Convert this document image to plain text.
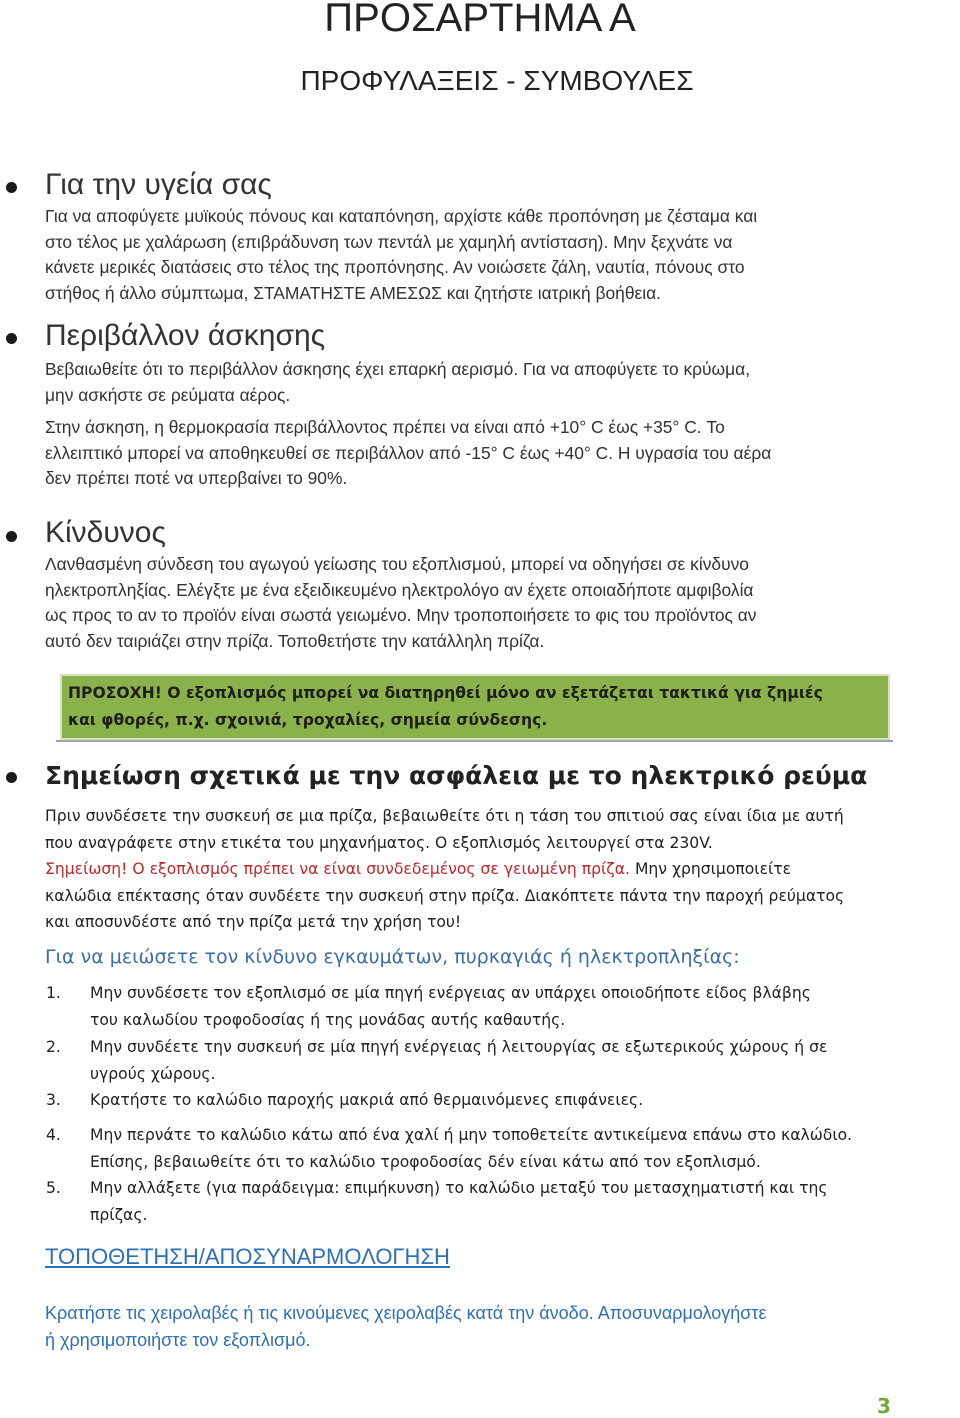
ΠΡΟΣΑΡΤΗΜΑ Α
ΠΡΟΦΥΛΑΞΕΙΣ - ΣΥΜΒΟΥΛΕΣ
Για την υγεία σας
Για να αποφύγετε μυϊκούς πόνους και καταπόνηση, αρχίστε κάθε προπόνηση με ζέσταμα και
στο τέλος με χαλάρωση (επιβράδυνση των πεντάλ με χαμηλή αντίσταση). Μην ξεχνάτε να
κάνετε μερικές διατάσεις στο τέλος της προπόνησης. Αν νοιώσετε ζάλη, ναυτία, πόνους στο
στήθος ή άλλο σύμπτωμα, ΣΤΑΜΑΤΗΣΤΕ ΑΜΕΣΩΣ και ζητήστε ιατρική βοήθεια.
Περιβάλλον άσκησης
Βεβαιωθείτε ότι το περιβάλλον άσκησης έχει επαρκή αερισμό. Για να αποφύγετε το κρύωμα,
μην ασκήστε σε ρεύματα αέρος.
Στην άσκηση, η θερμοκρασία περιβάλλοντος πρέπει να είναι από +10° C έως +35° C. Το
ελλειπτικό μπορεί να αποθηκευθεί σε περιβάλλον από -15° C έως +40° C. Η υγρασία του αέρα
δεν πρέπει ποτέ να υπερβαίνει το 90%.
Κίνδυνος
Λανθασμένη σύνδεση του αγωγού γείωσης του εξοπλισμού, μπορεί να οδηγήσει σε κίνδυνο
ηλεκτροπληξίας. Ελέγξτε με ένα εξειδικευμένο ηλεκτρολόγο αν έχετε οποιαδήποτε αμφιβολία
ως προς το αν το προϊόν είναι σωστά γειωμένο. Μην τροποποιήσετε το φις του προϊόντος αν
αυτό δεν ταιριάζει στην πρίζα. Τοποθετήστε την κατάλληλη πρίζα.
ΠΡΟΣΟΧΗ! Ο εξοπλισμός μπορεί να διατηρηθεί μόνο αν εξετάζεται τακτικά για ζημιές
και φθορές, π.χ. σχοινιά, τροχαλίες, σημεία σύνδεσης.
Σημείωση σχετικά με την ασφάλεια με το ηλεκτρικό ρεύμα
Πριν συνδέσετε την συσκευή σε μια πρίζα, βεβαιωθείτε ότι η τάση του σπιτιού σας είναι ίδια με αυτή
που αναγράφετε στην ετικέτα του μηχανήματος. Ο εξοπλισμός λειτουργεί στα 230V.
Σημείωση! Ο εξοπλισμός πρέπει να είναι συνδεδεμένος σε γειωμένη πρίζα. Μην χρησιμοποιείτε
καλώδια επέκτασης όταν συνδέετε την συσκευή στην πρίζα. Διακόπτετε πάντα την παροχή ρεύματος
και αποσυνδέστε από την πρίζα μετά την χρήση του!
Για να μειώσετε τον κίνδυνο εγκαυμάτων, πυρκαγιάς ή ηλεκτροπληξίας:
1. Μην συνδέσετε τον εξοπλισμό σε μία πηγή ενέργειας αν υπάρχει οποιοδήποτε είδος βλάβης
του καλωδίου τροφοδοσίας ή της μονάδας αυτής καθαυτής.
2. Μην συνδέετε την συσκευή σε μία πηγή ενέργειας ή λειτουργίας σε εξωτερικούς χώρους ή σε
υγρούς χώρους.
3. Κρατήστε το καλώδιο παροχής μακριά από θερμαινόμενες επιφάνειες.
4. Μην περνάτε το καλώδιο κάτω από ένα χαλί ή μην τοποθετείτε αντικείμενα επάνω στο καλώδιο.
Επίσης, βεβαιωθείτε ότι το καλώδιο τροφοδοσίας δέν είναι κάτω από τον εξοπλισμό.
5. Μην αλλάξετε (για παράδειγμα: επιμήκυνση) το καλώδιο μεταξύ του μετασχηματιστή και της
πρίζας.
ΤΟΠΟΘΕΤΗΣΗ/ΑΠΟΣΥΝΑΡΜΟΛΟΓΗΣΗ
Κρατήστε τις χειρολαβές ή τις κινούμενες χειρολαβές κατά την άνοδο. Αποσυναρμολογήστε
ή χρησιμοποιήστε τον εξοπλισμό.
3
